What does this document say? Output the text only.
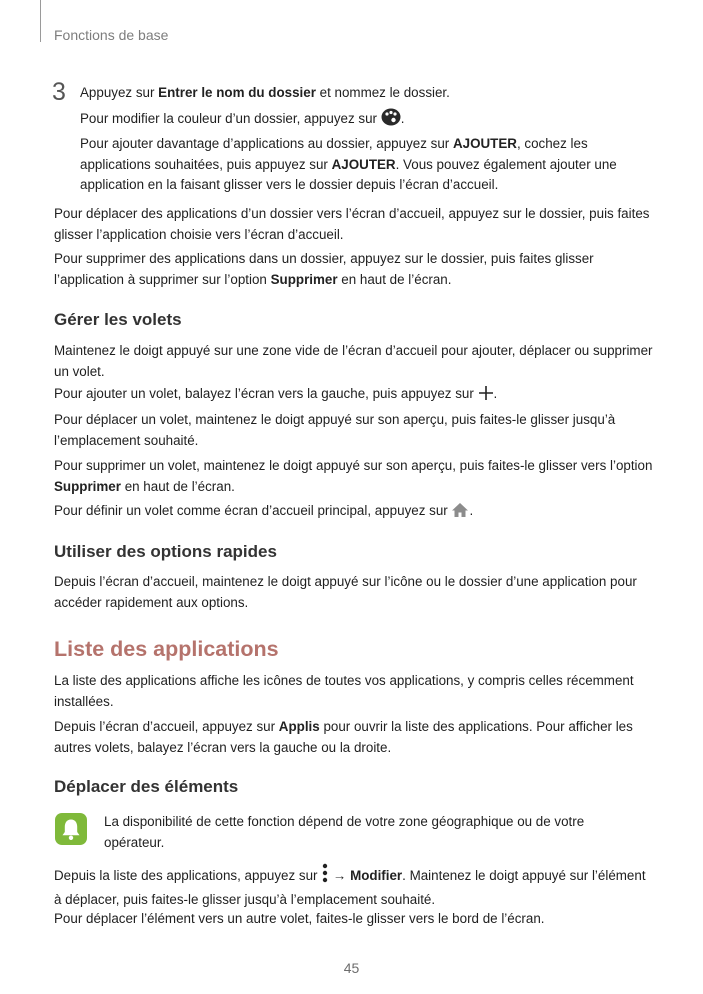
Fonctions de base
3 Appuyez sur Entrer le nom du dossier et nommez le dossier.

Pour modifier la couleur d’un dossier, appuyez sur .

Pour ajouter davantage d’applications au dossier, appuyez sur AJOUTER, cochez les applications souhaitées, puis appuyez sur AJOUTER. Vous pouvez également ajouter une application en la faisant glisser vers le dossier depuis l’écran d’accueil.

Pour déplacer des applications d’un dossier vers l’écran d’accueil, appuyez sur le dossier, puis faites glisser l’application choisie vers l’écran d’accueil.

Pour supprimer des applications dans un dossier, appuyez sur le dossier, puis faites glisser l’application à supprimer sur l’option Supprimer en haut de l’écran.

Gérer les volets

Maintenez le doigt appuyé sur une zone vide de l’écran d’accueil pour ajouter, déplacer ou supprimer un volet.

Pour ajouter un volet, balayez l’écran vers la gauche, puis appuyez sur .

Pour déplacer un volet, maintenez le doigt appuyé sur son aperçu, puis faites-le glisser jusqu’à l’emplacement souhaité.

Pour supprimer un volet, maintenez le doigt appuyé sur son aperçu, puis faites-le glisser vers l’option Supprimer en haut de l’écran.

Pour définir un volet comme écran d’accueil principal, appuyez sur .

Utiliser des options rapides

Depuis l’écran d’accueil, maintenez le doigt appuyé sur l’icône ou le dossier d’une application pour accéder rapidement aux options.

Liste des applications

La liste des applications affiche les icônes de toutes vos applications, y compris celles récemment installées.

Depuis l’écran d’accueil, appuyez sur Applis pour ouvrir la liste des applications. Pour afficher les autres volets, balayez l’écran vers la gauche ou la droite.

Déplacer des éléments

La disponibilité de cette fonction dépend de votre zone géographique ou de votre opérateur.

Depuis la liste des applications, appuyez sur  → Modifier. Maintenez le doigt appuyé sur l’élément à déplacer, puis faites-le glisser jusqu’à l’emplacement souhaité.

Pour déplacer l’élément vers un autre volet, faites-le glisser vers le bord de l’écran.

45
